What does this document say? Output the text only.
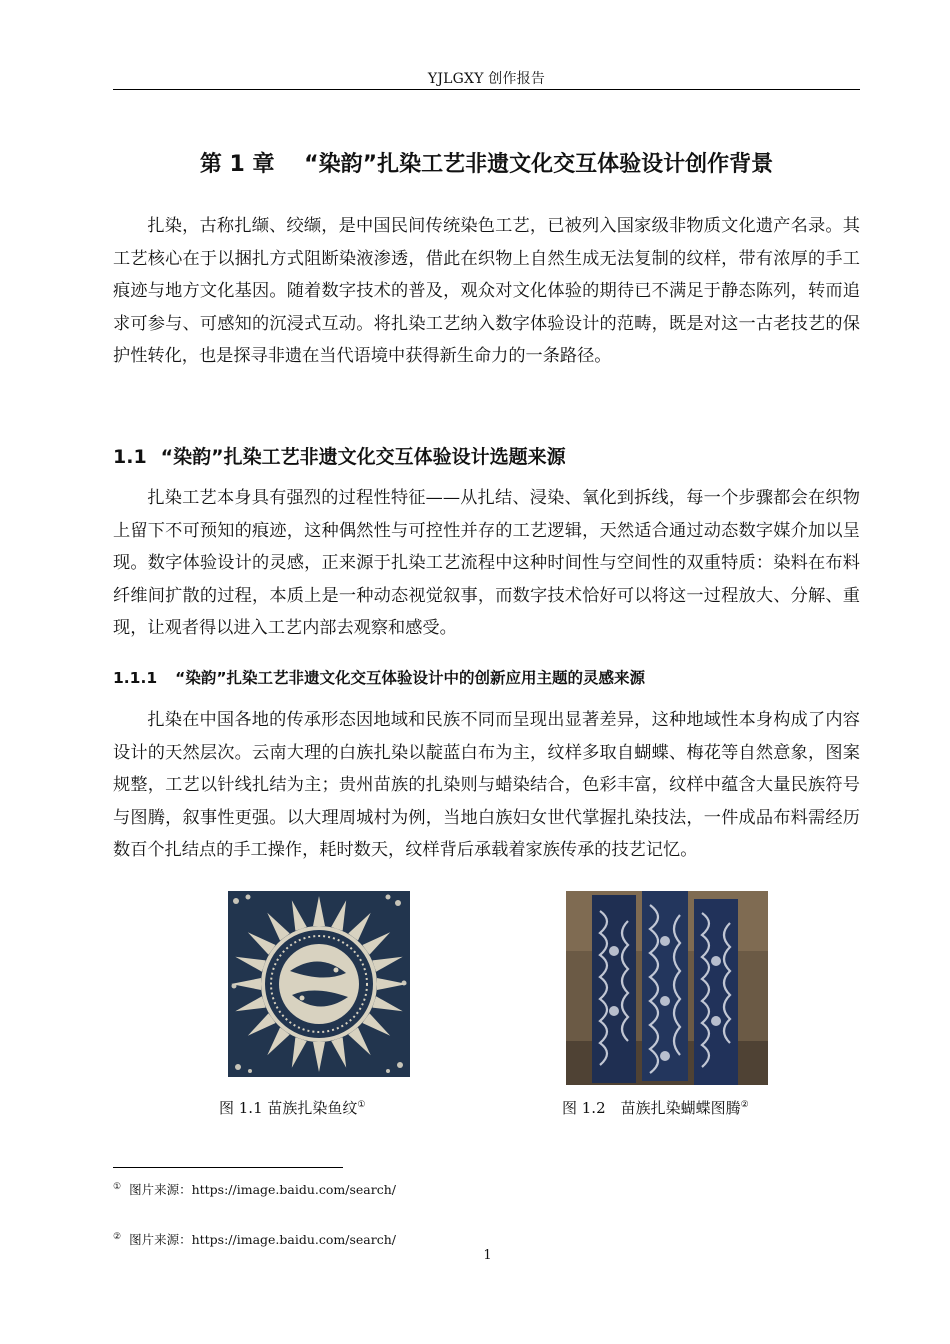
YJLGXY 创作报告
第 1 章　 “染韵”扎染工艺非遗文化交互体验设计创作背景

扎染，古称扎缬、绞缬，是中国民间传统染色工艺，已被列入国家级非物质文化遗产名录。其工艺核心在于以捆扎方式阻断染液渗透，借此在织物上自然生成无法复制的纹样，带有浓厚的手工痕迹与地方文化基因。随着数字技术的普及，观众对文化体验的期待已不满足于静态陈列，转而追求可参与、可感知的沉浸式互动。将扎染工艺纳入数字体验设计的范畴，既是对这一古老技艺的保护性转化，也是探寻非遗在当代语境中获得新生命力的一条路径。

1.1 “染韵”扎染工艺非遗文化交互体验设计选题来源

扎染工艺本身具有强烈的过程性特征——从扎结、浸染、氧化到拆线，每一个步骤都会在织物上留下不可预知的痕迹，这种偶然性与可控性并存的工艺逻辑，天然适合通过动态数字媒介加以呈现。数字体验设计的灵感，正来源于扎染工艺流程中这种时间性与空间性的双重特质：染料在布料纤维间扩散的过程，本质上是一种动态视觉叙事，而数字技术恰好可以将这一过程放大、分解、重现，让观者得以进入工艺内部去观察和感受。

1.1.1 “染韵”扎染工艺非遗文化交互体验设计中的创新应用主题的灵感来源

扎染在中国各地的传承形态因地域和民族不同而呈现出显著差异，这种地域性本身构成了内容设计的天然层次。云南大理的白族扎染以靛蓝白布为主，纹样多取自蝴蝶、梅花等自然意象，图案规整，工艺以针线扎结为主；贵州苗族的扎染则与蜡染结合，色彩丰富，纹样中蕴含大量民族符号与图腾，叙事性更强。以大理周城村为例，当地白族妇女世代掌握扎染技法，一件成品布料需经历数百个扎结点的手工操作，耗时数天，纹样背后承载着家族传承的技艺记忆。

图 1.1 苗族扎染鱼纹①	图 1.2　苗族扎染蝴蝶图腾②
① 图片来源：https://image.baidu.com/search/
② 图片来源：https://image.baidu.com/search/
1
